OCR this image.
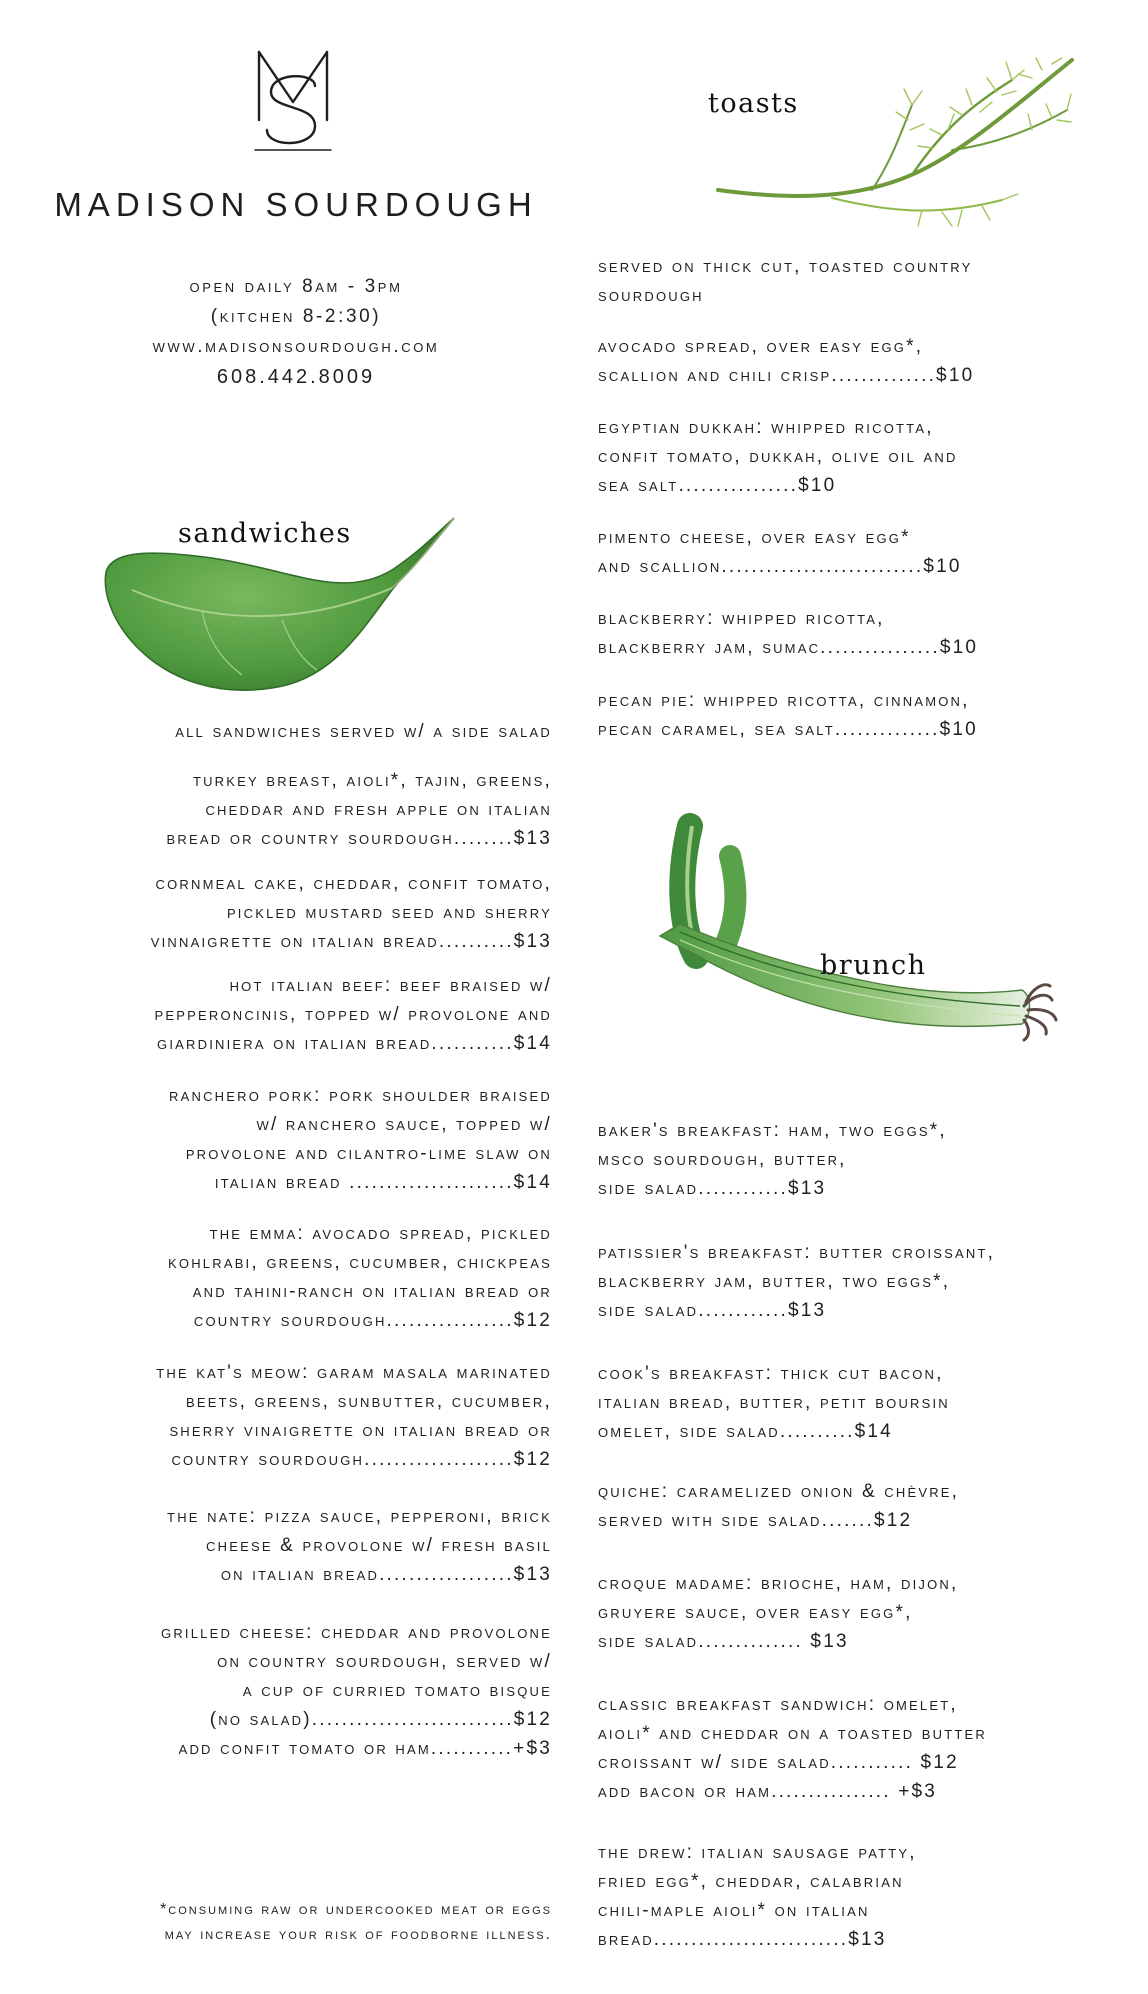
MADISON SOURDOUGH
open daily 8am - 3pm
(kitchen 8-2:30)
www.madisonsourdough.com
608.442.8009
sandwiches
all sandwiches served w/ a side salad
turkey breast, aioli*, tajin, greens,
cheddar and fresh apple on italian
bread or country sourdough........$13
cornmeal cake, cheddar, confit tomato,
pickled mustard seed and sherry
vinnaigrette on italian bread..........$13
hot italian beef: beef braised w/
pepperoncinis, topped w/ provolone and
giardiniera on italian bread...........$14
ranchero pork: pork shoulder braised
w/ ranchero sauce, topped w/
provolone and cilantro-lime slaw on
italian bread ......................$14
the emma: avocado spread, pickled
kohlrabi, greens, cucumber, chickpeas
and tahini-ranch on italian bread or
country sourdough.................$12
the kat's meow: garam masala marinated
beets, greens, sunbutter, cucumber,
sherry vinaigrette on italian bread or
country sourdough....................$12
the nate: pizza sauce, pepperoni, brick
cheese & provolone w/ fresh basil
on italian bread..................$13
grilled cheese: cheddar and provolone
on country sourdough, served w/
a cup of curried tomato bisque
(no salad)...........................$12
add confit tomato or ham...........+$3
*consuming raw or undercooked meat or eggs
may increase your risk of foodborne illness.
toasts
served on thick cut, toasted country
sourdough
avocado spread, over easy egg*,
scallion and chili crisp..............$10
egyptian dukkah: whipped ricotta,
confit tomato, dukkah, olive oil and
sea salt................$10
pimento cheese, over easy egg*
and scallion...........................$10
blackberry: whipped ricotta,
blackberry jam, sumac................$10
pecan pie: whipped ricotta, cinnamon,
pecan caramel, sea salt..............$10
brunch
baker's breakfast: ham, two eggs*,
msco sourdough, butter,
side salad............$13
patissier's breakfast: butter croissant,
blackberry jam, butter, two eggs*,
side salad............$13
cook's breakfast: thick cut bacon,
italian bread, butter, petit boursin
omelet, side salad..........$14
quiche: caramelized onion & chèvre,
served with side salad.......$12
croque madame: brioche, ham, dijon,
gruyere sauce, over easy egg*,
side salad.............. $13
classic breakfast sandwich: omelet,
aioli* and cheddar on a toasted butter
croissant w/ side salad........... $12
add bacon or ham................ +$3
the drew: italian sausage patty,
fried egg*, cheddar, calabrian
chili-maple aioli* on italian
bread..........................$13
